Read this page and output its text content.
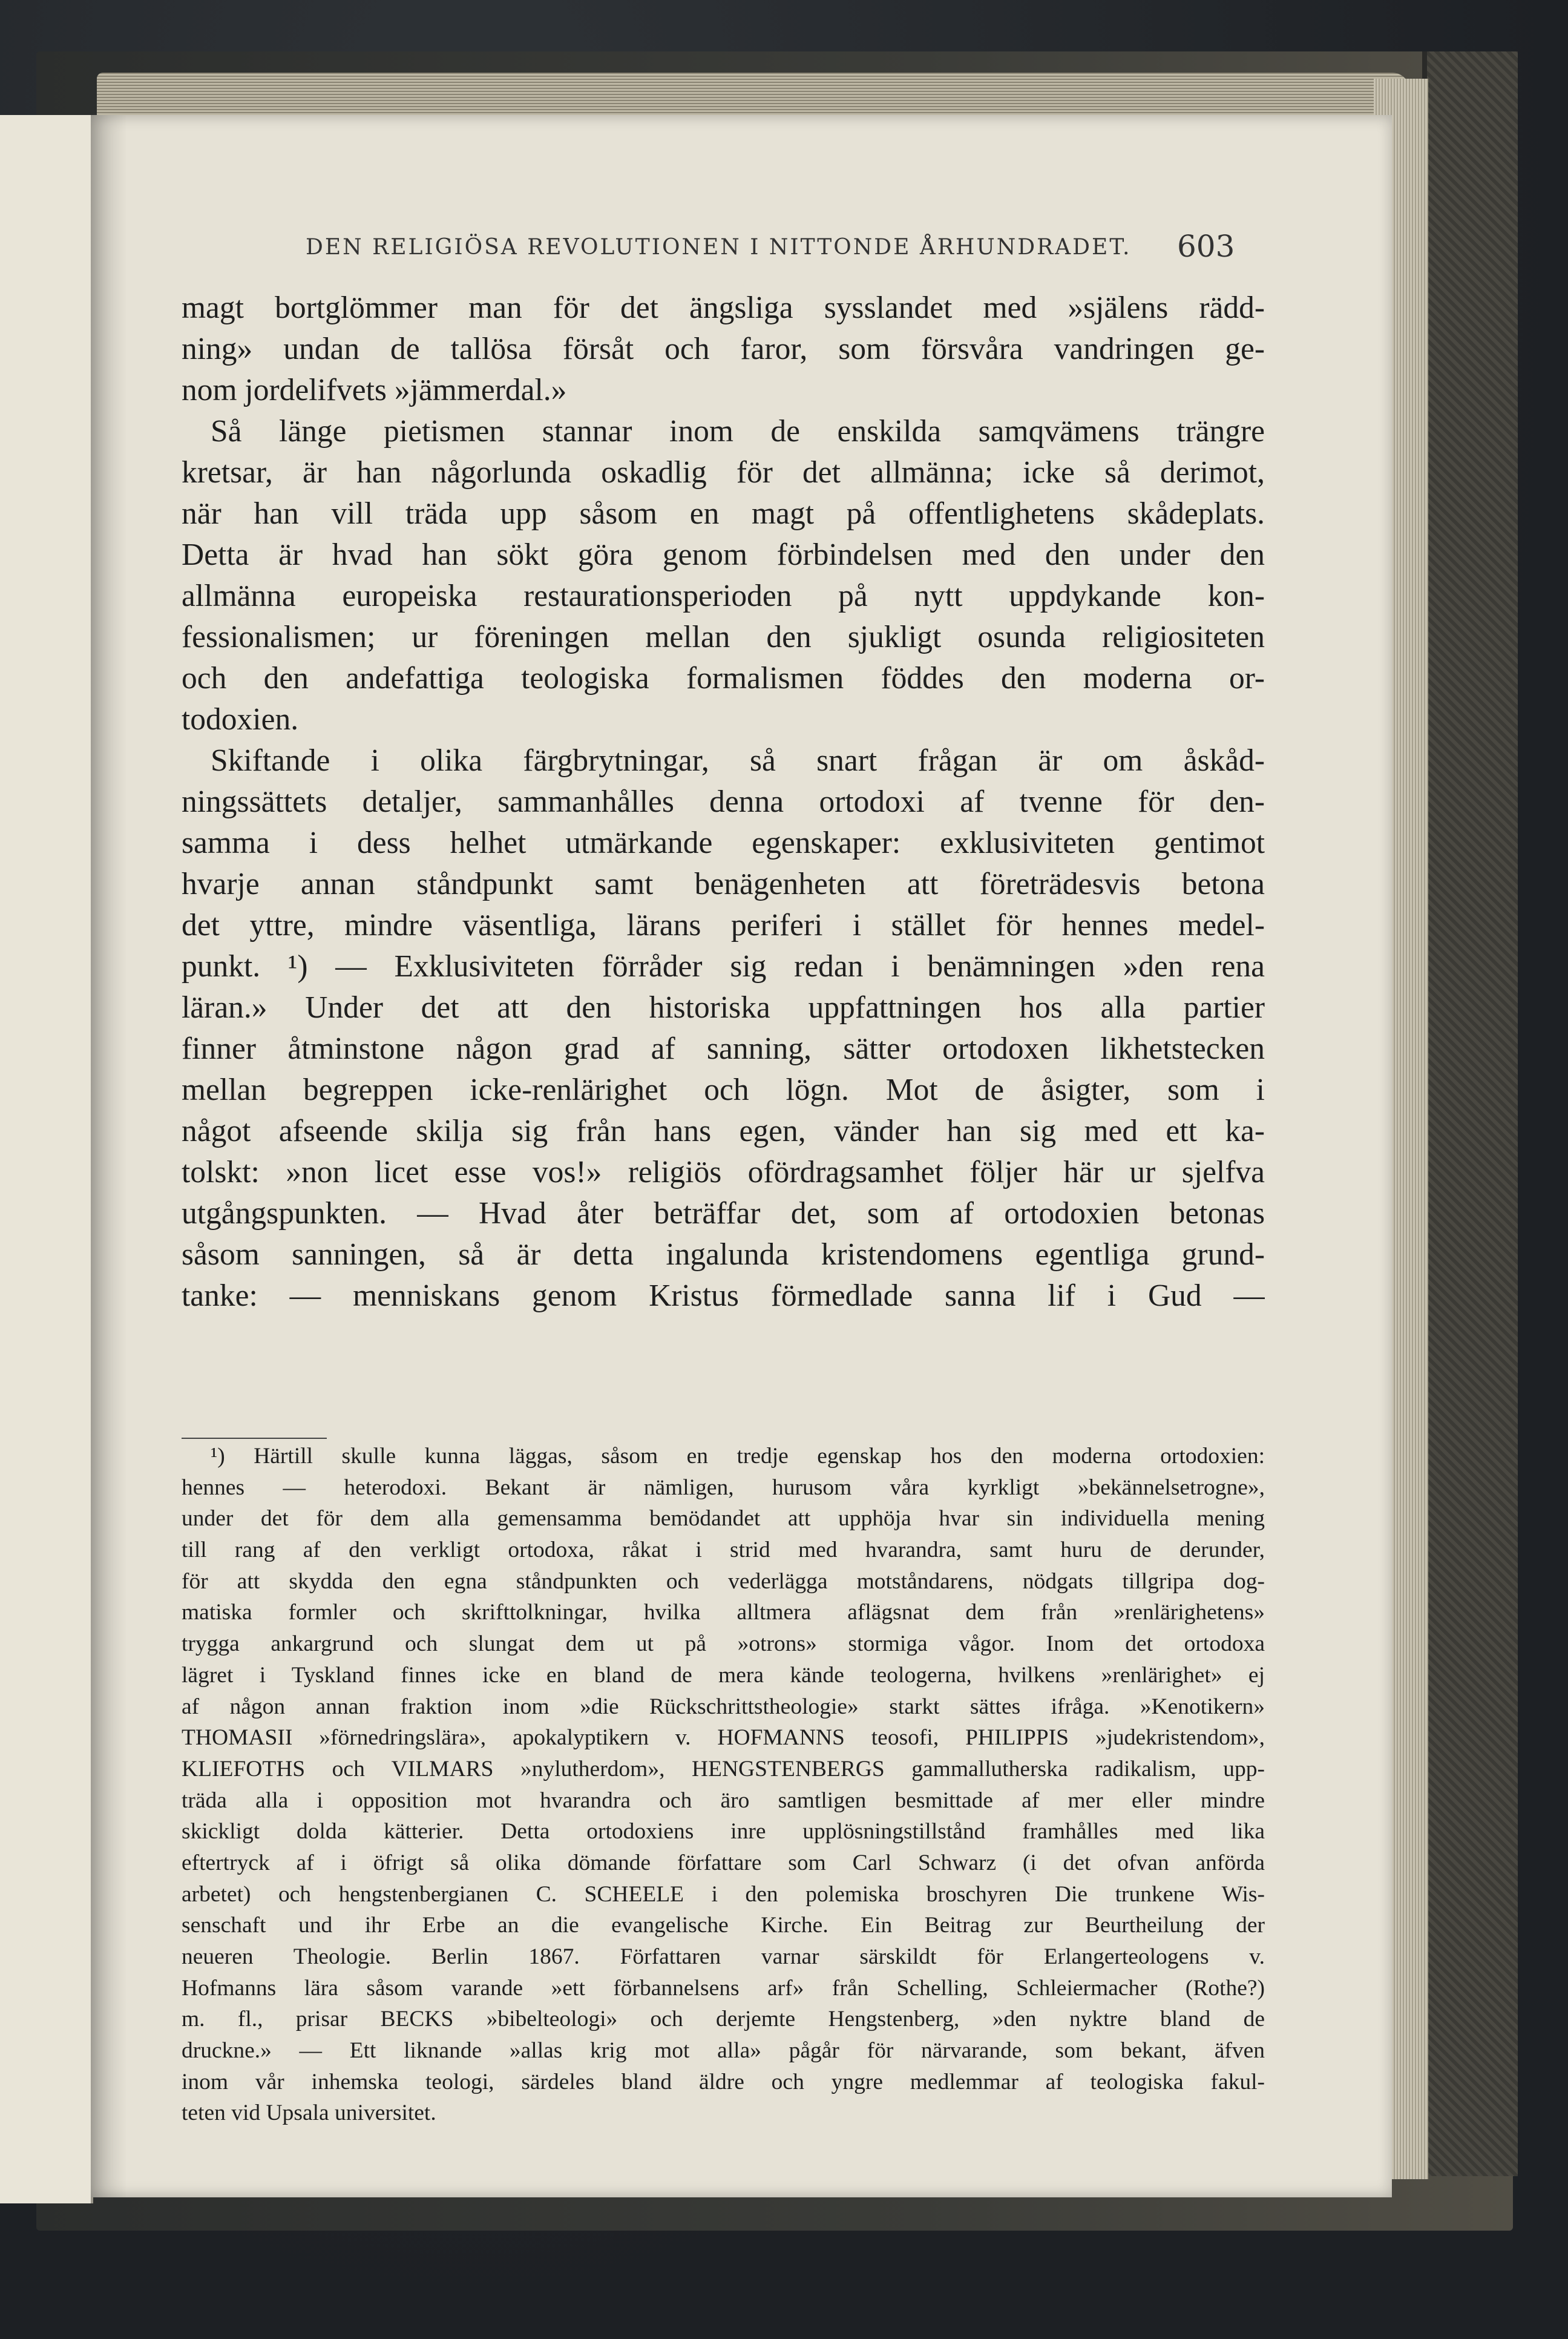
DEN RELIGIÖSA REVOLUTIONEN I NITTONDE ÅRHUNDRADET. 603
magt bortglömmer man för det ängsliga sysslandet med »själens rädd-
ning» undan de tallösa försåt och faror, som försvåra vandringen ge-
nom jordelifvets »jämmerdal.»
Så länge pietismen stannar inom de enskilda samqvämens trängre
kretsar, är han någorlunda oskadlig för det allmänna; icke så derimot,
när han vill träda upp såsom en magt på offentlighetens skådeplats.
Detta är hvad han sökt göra genom förbindelsen med den under den
allmänna europeiska restaurationsperioden på nytt uppdykande kon-
fessionalismen; ur föreningen mellan den sjukligt osunda religiositeten
och den andefattiga teologiska formalismen föddes den moderna or-
todoxien.
Skiftande i olika färgbrytningar, så snart frågan är om åskåd-
ningssättets detaljer, sammanhålles denna ortodoxi af tvenne för den-
samma i dess helhet utmärkande egenskaper: exklusiviteten gentimot
hvarje annan ståndpunkt samt benägenheten att företrädesvis betona
det yttre, mindre väsentliga, lärans periferi i stället för hennes medel-
punkt. ¹) — Exklusiviteten förråder sig redan i benämningen »den rena
läran.» Under det att den historiska uppfattningen hos alla partier
finner åtminstone någon grad af sanning, sätter ortodoxen likhetstecken
mellan begreppen icke-renlärighet och lögn. Mot de åsigter, som i
något afseende skilja sig från hans egen, vänder han sig med ett ka-
tolskt: »non licet esse vos!» religiös ofördragsamhet följer här ur sjelfva
utgångspunkten. — Hvad åter beträffar det, som af ortodoxien betonas
såsom sanningen, så är detta ingalunda kristendomens egentliga grund-
tanke: — menniskans genom Kristus förmedlade sanna lif i Gud —
¹) Härtill skulle kunna läggas, såsom en tredje egenskap hos den moderna ortodoxien:
hennes — heterodoxi. Bekant är nämligen, hurusom våra kyrkligt »bekännelsetrogne»,
under det för dem alla gemensamma bemödandet att upphöja hvar sin individuella mening
till rang af den verkligt ortodoxa, råkat i strid med hvarandra, samt huru de derunder,
för att skydda den egna ståndpunkten och vederlägga motståndarens, nödgats tillgripa dog-
matiska formler och skrifttolkningar, hvilka alltmera aflägsnat dem från »renlärighetens»
trygga ankargrund och slungat dem ut på »otrons» stormiga vågor. Inom det ortodoxa
lägret i Tyskland finnes icke en bland de mera kände teologerna, hvilkens »renlärighet» ej
af någon annan fraktion inom »die Rückschrittstheologie» starkt sättes ifråga. »Kenotikern»
THOMASII »förnedringslära», apokalyptikern v. HOFMANNS teosofi, PHILIPPIS »judekristendom»,
KLIEFOTHS och VILMARS »nylutherdom», HENGSTENBERGS gammallutherska radikalism, upp-
träda alla i opposition mot hvarandra och äro samtligen besmittade af mer eller mindre
skickligt dolda kätterier. Detta ortodoxiens inre upplösningstillstånd framhålles med lika
eftertryck af i öfrigt så olika dömande författare som Carl Schwarz (i det ofvan anförda
arbetet) och hengstenbergianen C. SCHEELE i den polemiska broschyren Die trunkene Wis-
senschaft und ihr Erbe an die evangelische Kirche. Ein Beitrag zur Beurtheilung der
neueren Theologie. Berlin 1867. Författaren varnar särskildt för Erlangerteologens v.
Hofmanns lära såsom varande »ett förbannelsens arf» från Schelling, Schleiermacher (Rothe?)
m. fl., prisar BECKS »bibelteologi» och derjemte Hengstenberg, »den nyktre bland de
druckne.» — Ett liknande »allas krig mot alla» pågår för närvarande, som bekant, äfven
inom vår inhemska teologi, särdeles bland äldre och yngre medlemmar af teologiska fakul-
teten vid Upsala universitet.
